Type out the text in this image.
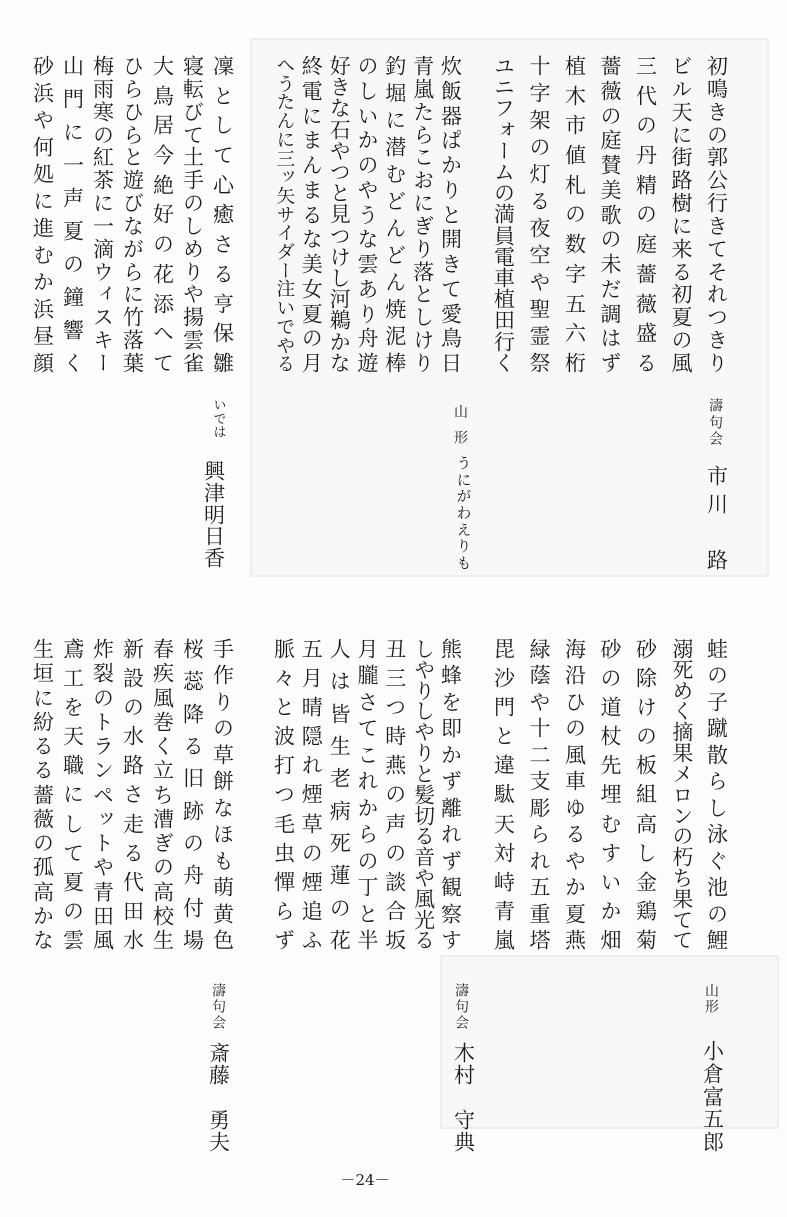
初
鳴
き
の
郭
公
行
き
て
そ
れ
つ
き
り
ビ
ル
天
に
街
路
樹
に
来
る
初
夏
の
風
三
代
の
丹
精
の
庭
薔
薇
盛
る
薔
薇
の
庭
賛
美
歌
の
未
だ
調
は
ず
植
木
市
値
札
の
数
字
五
六
桁
十
字
架
の
灯
る
夜
空
や
聖
霊
祭
ユ
ニ
フ
ォ
ー
ム
の
満
員
電
車
植
田
行
く
濤
句
会
市
川

路
炊
飯
器
ぱ
か
り
と
開
き
て
愛
鳥
日
青
嵐
た
ら
こ
お
に
ぎ
り
落
と
し
け
り
釣
堀
に
潜
む
ど
ん
ど
ん
焼
泥
棒
の
し
い
か
の
や
う
な
雲
あ
り
舟
遊
好
き
な
石
や
つ
と
見
つ
け
し
河
鵜
か
な
終
電
に
ま
ん
ま
る
な
美
女
夏
の
月
へ
う
た
ん
に
三
ッ
矢
サ
イ
ダ
ー
注
い
で
や
る
山
形
う
に
が
わ
え
り
も
凜
と
し
て
心
癒
さ
る
亨
保
雛
寝
転
び
て
土
手
の
し
め
り
や
揚
雲
雀
大
鳥
居
今
絶
好
の
花
添
へ
て
ひ
ら
ひ
ら
と
遊
び
な
が
ら
に
竹
落
葉
梅
雨
寒
の
紅
茶
に
一
滴
ウ
ィ
ス
キ
ー
山
門
に
一
声
夏
の
鐘
響
く
砂
浜
や
何
処
に
進
む
か
浜
昼
顔
い
で
は
興
津
明
日
香
蛙
の
子
蹴
散
ら
し
泳
ぐ
池
の
鯉
溺
死
め
く
摘
果
メ
ロ
ン
の
朽
ち
果
て
て
砂
除
け
の
板
組
高
し
金
鶏
菊
砂
の
道
杖
先
埋
む
す
い
か
畑
海
沿
ひ
の
風
車
ゆ
る
や
か
夏
燕
緑
蔭
や
十
二
支
彫
ら
れ
五
重
塔
毘
沙
門
と
違
駄
天
対
峙
青
嵐
山
形
小
倉
富
五
郎
熊
蜂
を
即
か
ず
離
れ
ず
観
察
す
し
や
り
し
や
り
と
髪
切
る
音
や
風
光
る
丑
三
つ
時
燕
の
声
の
談
合
坂
月
朧
さ
て
こ
れ
か
ら
の
丁
と
半
人
は
皆
生
老
病
死
蓮
の
花
五
月
晴
隠
れ
煙
草
の
煙
追
ふ
脈
々
と
波
打
つ
毛
虫
憚
ら
ず
濤
句
会
木
村

守
典
手
作
り
の
草
餅
な
ほ
も
萌
黄
色
桜
蕊
降
る
旧
跡
の
舟
付
場
春
疾
風
巻
く
立
ち
漕
ぎ
の
高
校
生
新
設
の
水
路
さ
走
る
代
田
水
炸
裂
の
ト
ラ
ン
ペ
ッ
ト
や
青
田
風
鳶
工
を
天
職
に
し
て
夏
の
雲
生
垣
に
紛
る
る
薔
薇
の
孤
高
か
な
濤
句
会
斎
藤

勇
夫
－24－
